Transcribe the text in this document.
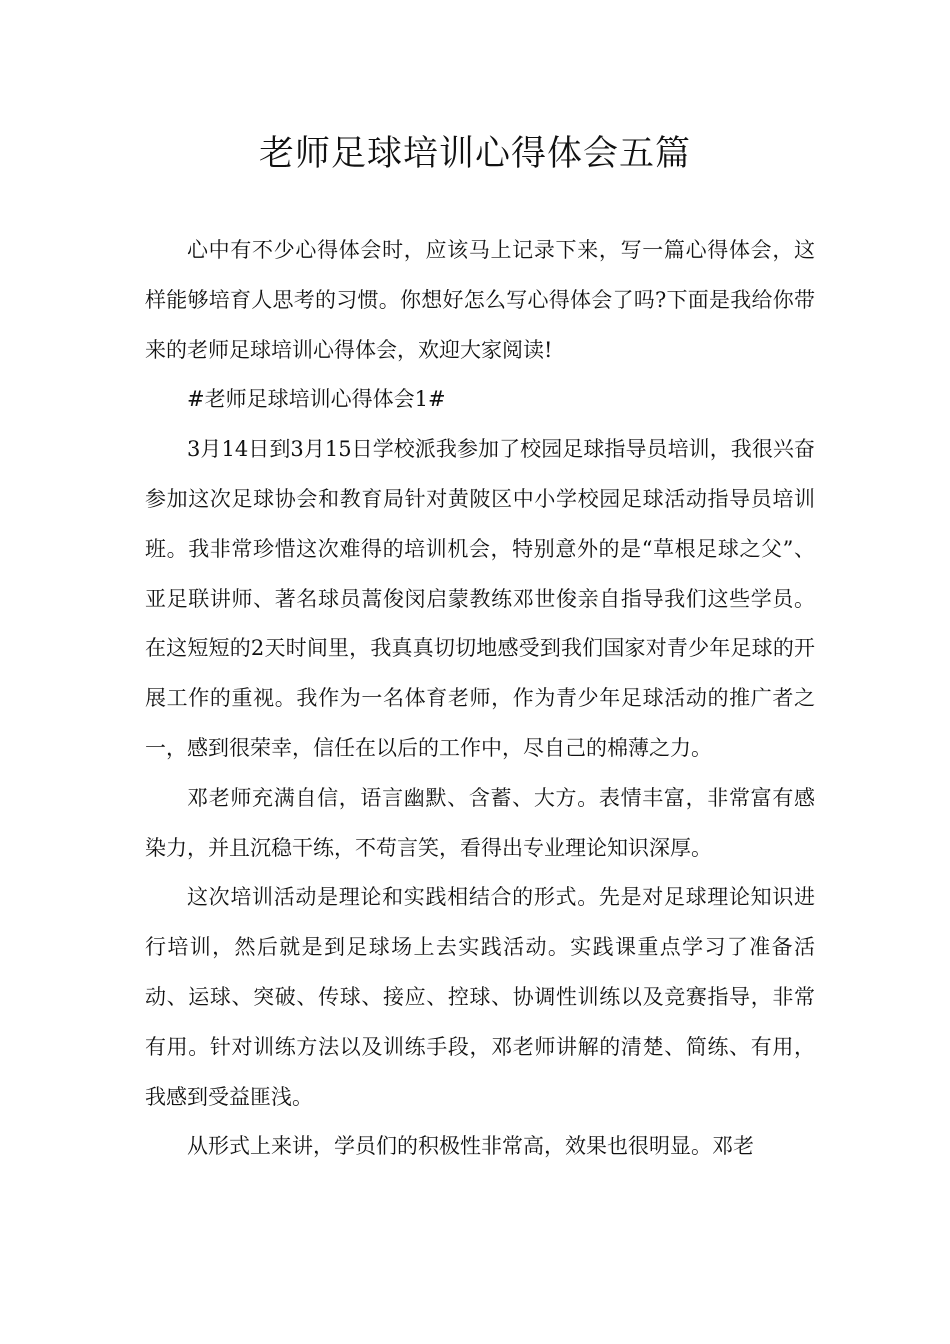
老师足球培训心得体会五篇

心中有不少心得体会时，应该马上记录下来，写一篇心得体会，这样能够培育人思考的习惯。你想好怎么写心得体会了吗?下面是我给你带来的老师足球培训心得体会，欢迎大家阅读!

#老师足球培训心得体会1#

3月14日到3月15日学校派我参加了校园足球指导员培训，我很兴奋参加这次足球协会和教育局针对黄陂区中小学校园足球活动指导员培训班。我非常珍惜这次难得的培训机会，特别意外的是“草根足球之父”、亚足联讲师、著名球员蒿俊闵启蒙教练邓世俊亲自指导我们这些学员。在这短短的2天时间里，我真真切切地感受到我们国家对青少年足球的开展工作的重视。我作为一名体育老师，作为青少年足球活动的推广者之一，感到很荣幸，信任在以后的工作中，尽自己的棉薄之力。

邓老师充满自信，语言幽默、含蓄、大方。表情丰富，非常富有感染力，并且沉稳干练，不苟言笑，看得出专业理论知识深厚。

这次培训活动是理论和实践相结合的形式。先是对足球理论知识进行培训，然后就是到足球场上去实践活动。实践课重点学习了准备活动、运球、突破、传球、接应、控球、协调性训练以及竞赛指导，非常有用。针对训练方法以及训练手段，邓老师讲解的清楚、简练、有用，我感到受益匪浅。

从形式上来讲，学员们的积极性非常高，效果也很明显。邓老
